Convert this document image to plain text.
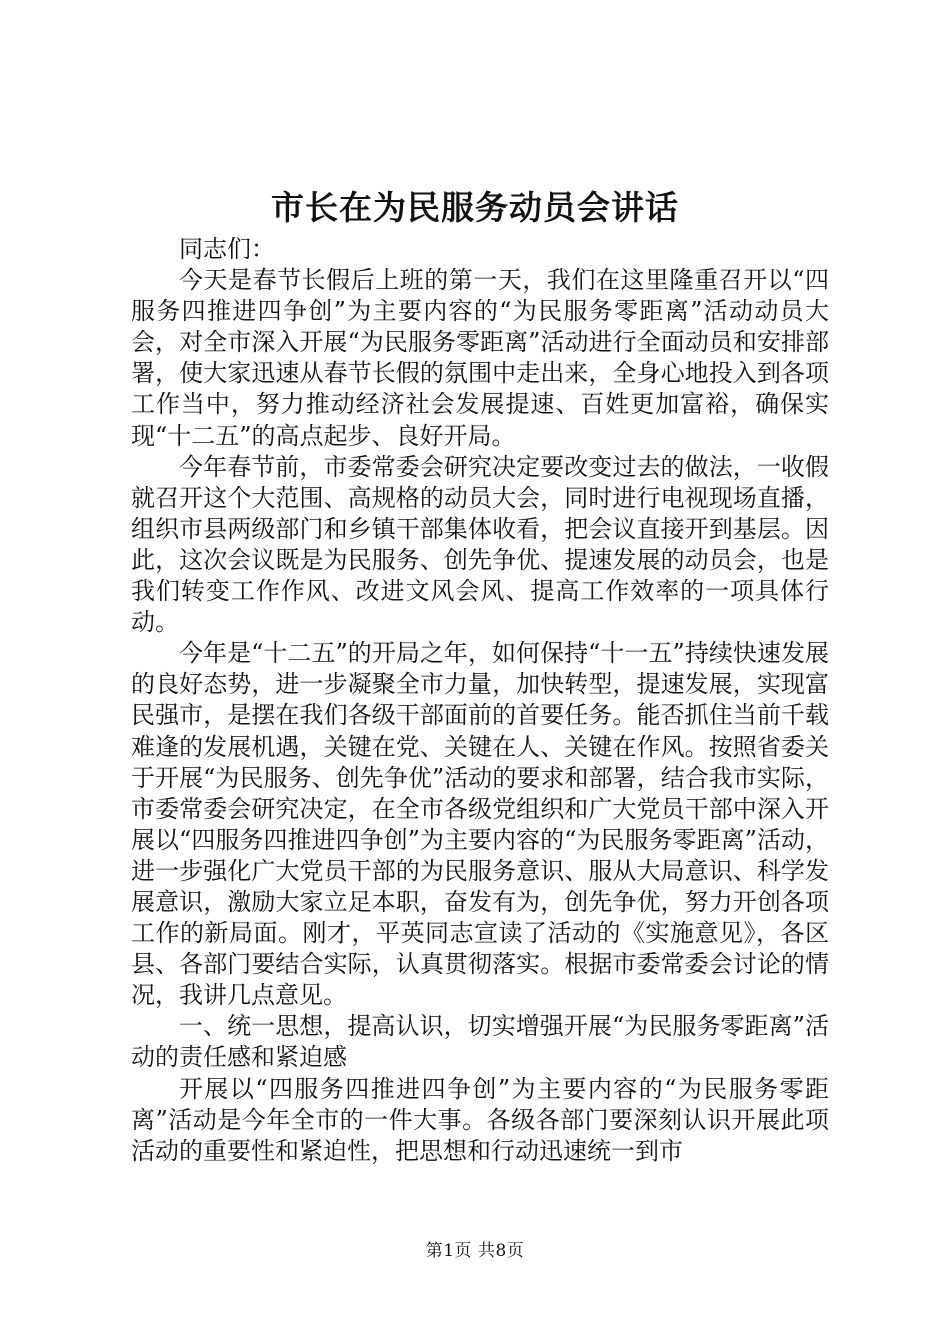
市长在为民服务动员会讲话

同志们：

今天是春节长假后上班的第一天，我们在这里隆重召开以“四服务四推进四争创”为主要内容的“为民服务零距离”活动动员大会，对全市深入开展“为民服务零距离”活动进行全面动员和安排部署，使大家迅速从春节长假的氛围中走出来，全身心地投入到各项工作当中，努力推动经济社会发展提速、百姓更加富裕，确保实现“十二五”的高点起步、良好开局。

今年春节前，市委常委会研究决定要改变过去的做法，一收假就召开这个大范围、高规格的动员大会，同时进行电视现场直播，组织市县两级部门和乡镇干部集体收看，把会议直接开到基层。因此，这次会议既是为民服务、创先争优、提速发展的动员会，也是我们转变工作作风、改进文风会风、提高工作效率的一项具体行动。

今年是“十二五”的开局之年，如何保持“十一五”持续快速发展的良好态势，进一步凝聚全市力量，加快转型，提速发展，实现富民强市，是摆在我们各级干部面前的首要任务。能否抓住当前千载难逢的发展机遇，关键在党、关键在人、关键在作风。按照省委关于开展“为民服务、创先争优”活动的要求和部署，结合我市实际，市委常委会研究决定，在全市各级党组织和广大党员干部中深入开展以“四服务四推进四争创”为主要内容的“为民服务零距离”活动，进一步强化广大党员干部的为民服务意识、服从大局意识、科学发展意识，激励大家立足本职，奋发有为，创先争优，努力开创各项工作的新局面。刚才，平英同志宣读了活动的《实施意见》，各区县、各部门要结合实际，认真贯彻落实。根据市委常委会讨论的情况，我讲几点意见。

一、统一思想，提高认识，切实增强开展“为民服务零距离”活动的责任感和紧迫感

开展以“四服务四推进四争创”为主要内容的“为民服务零距离”活动是今年全市的一件大事。各级各部门要深刻认识开展此项活动的重要性和紧迫性，把思想和行动迅速统一到市

第1页 共8页
